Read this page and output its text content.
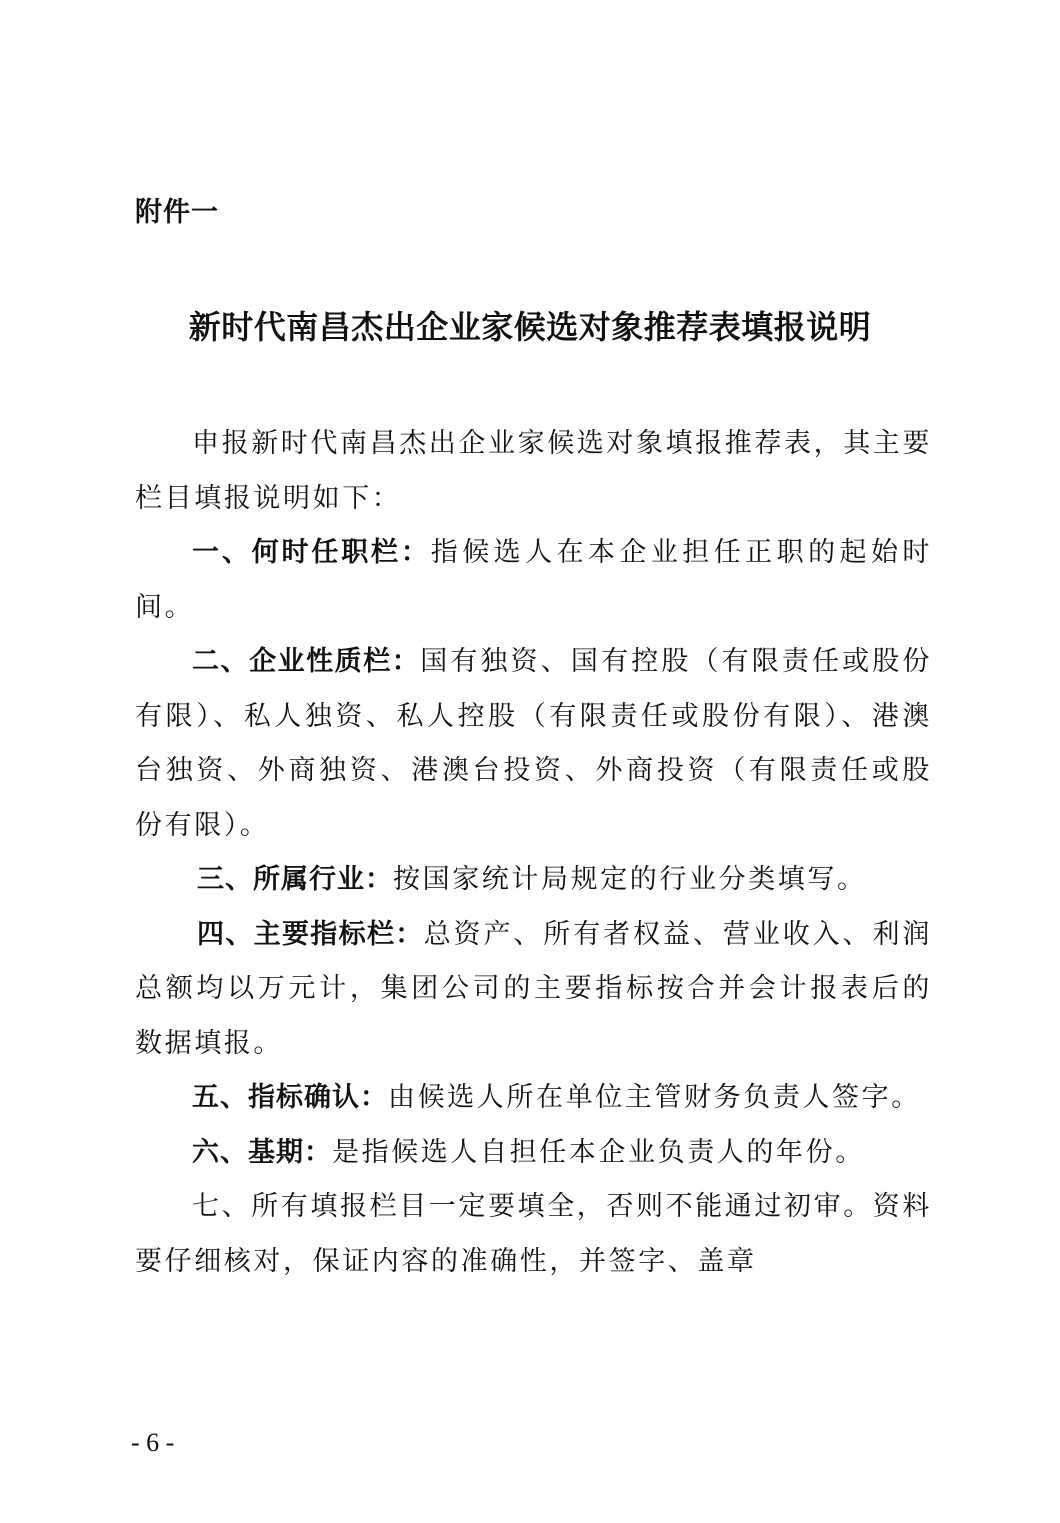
附件一
新时代南昌杰出企业家候选对象推荐表填报说明

申报新时代南昌杰出企业家候选对象填报推荐表，其主要栏目填报说明如下：

一、何时任职栏：指候选人在本企业担任正职的起始时间。

二、企业性质栏：国有独资、国有控股（有限责任或股份有限）、私人独资、私人控股（有限责任或股份有限）、港澳台独资、外商独资、港澳台投资、外商投资（有限责任或股份有限）。

三、所属行业：按国家统计局规定的行业分类填写。

四、主要指标栏：总资产、所有者权益、营业收入、利润总额均以万元计，集团公司的主要指标按合并会计报表后的数据填报。

五、指标确认：由候选人所在单位主管财务负责人签字。

六、基期：是指候选人自担任本企业负责人的年份。

七、所有填报栏目一定要填全，否则不能通过初审。资料要仔细核对，保证内容的准确性，并签字、盖章

- 6 -
